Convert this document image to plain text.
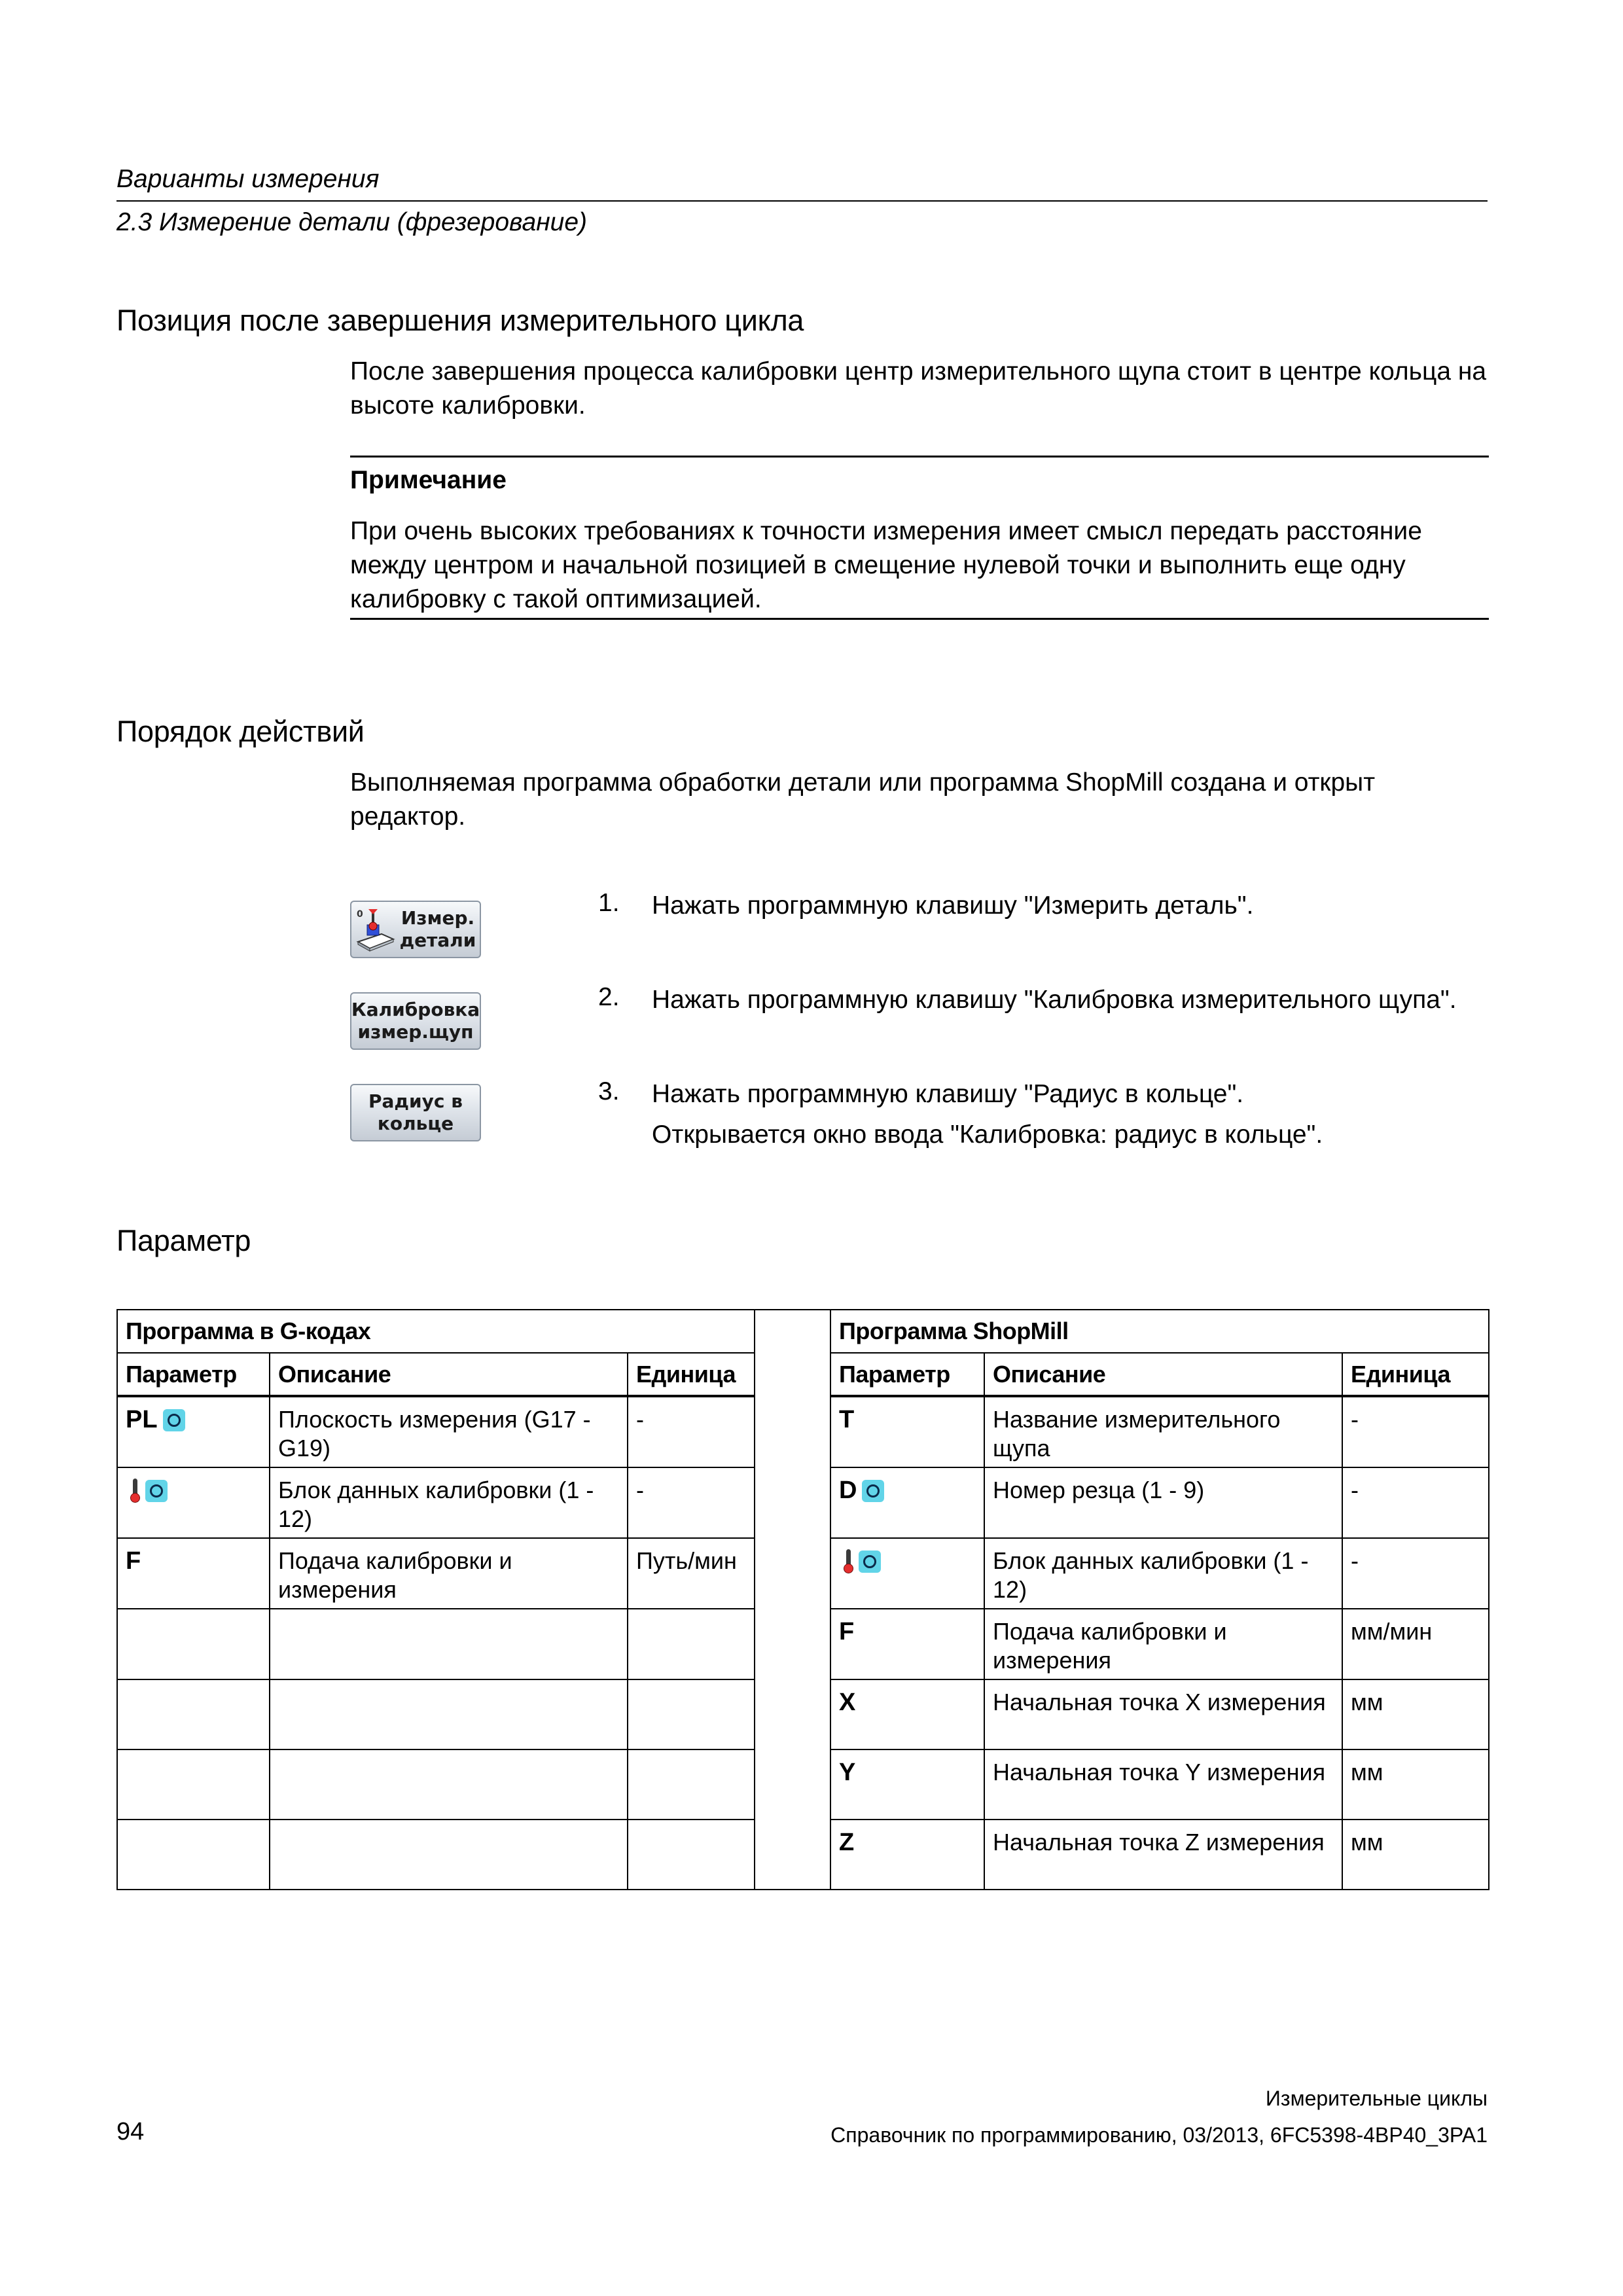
Варианты измерения
2.3 Измерение детали (фрезерование)
Позиция после завершения измерительного цикла
После завершения процесса калибровки центр измерительного щупа стоит в центре кольца на высоте калибровки.
Примечание
При очень высоких требованиях к точности измерения имеет смысл передать расстояние между центром и начальной позицией в смещение нулевой точки и выполнить еще одну калибровку с такой оптимизацией.
Порядок действий
Выполняемая программа обработки детали или программа ShopMill создана и открыт редактор.
0 Измер.
детали
Калибровка
измер.щуп
Радиус в
кольце
1. Нажать программную клавишу "Измерить деталь".
2. Нажать программную клавишу "Калибровка измерительного щупа".
3. Нажать программную клавишу "Радиус в кольце".
Открывается окно ввода "Калибровка: радиус в кольце".
Параметр
Программа в G-кодах				Программа ShopMill		
Параметр	Описание	Единица		Параметр	Описание	Единица
PL	Плоскость измерения (G17 - G19)	-		T	Название измерительного щупа	-
	Блок данных калибровки (1 - 12)	-		D	Номер резца (1 - 9)	-
F	Подача калибровки и измерения	Путь/мин			Блок данных калибровки (1 - 12)	-
				F	Подача калибровки и измерения	мм/мин
				X	Начальная точка X измерения	мм
				Y	Начальная точка Y измерения	мм
				Z	Начальная точка Z измерения	мм
Измерительные циклы
94	Справочник по программированию, 03/2013, 6FC5398-4BP40_3PA1
